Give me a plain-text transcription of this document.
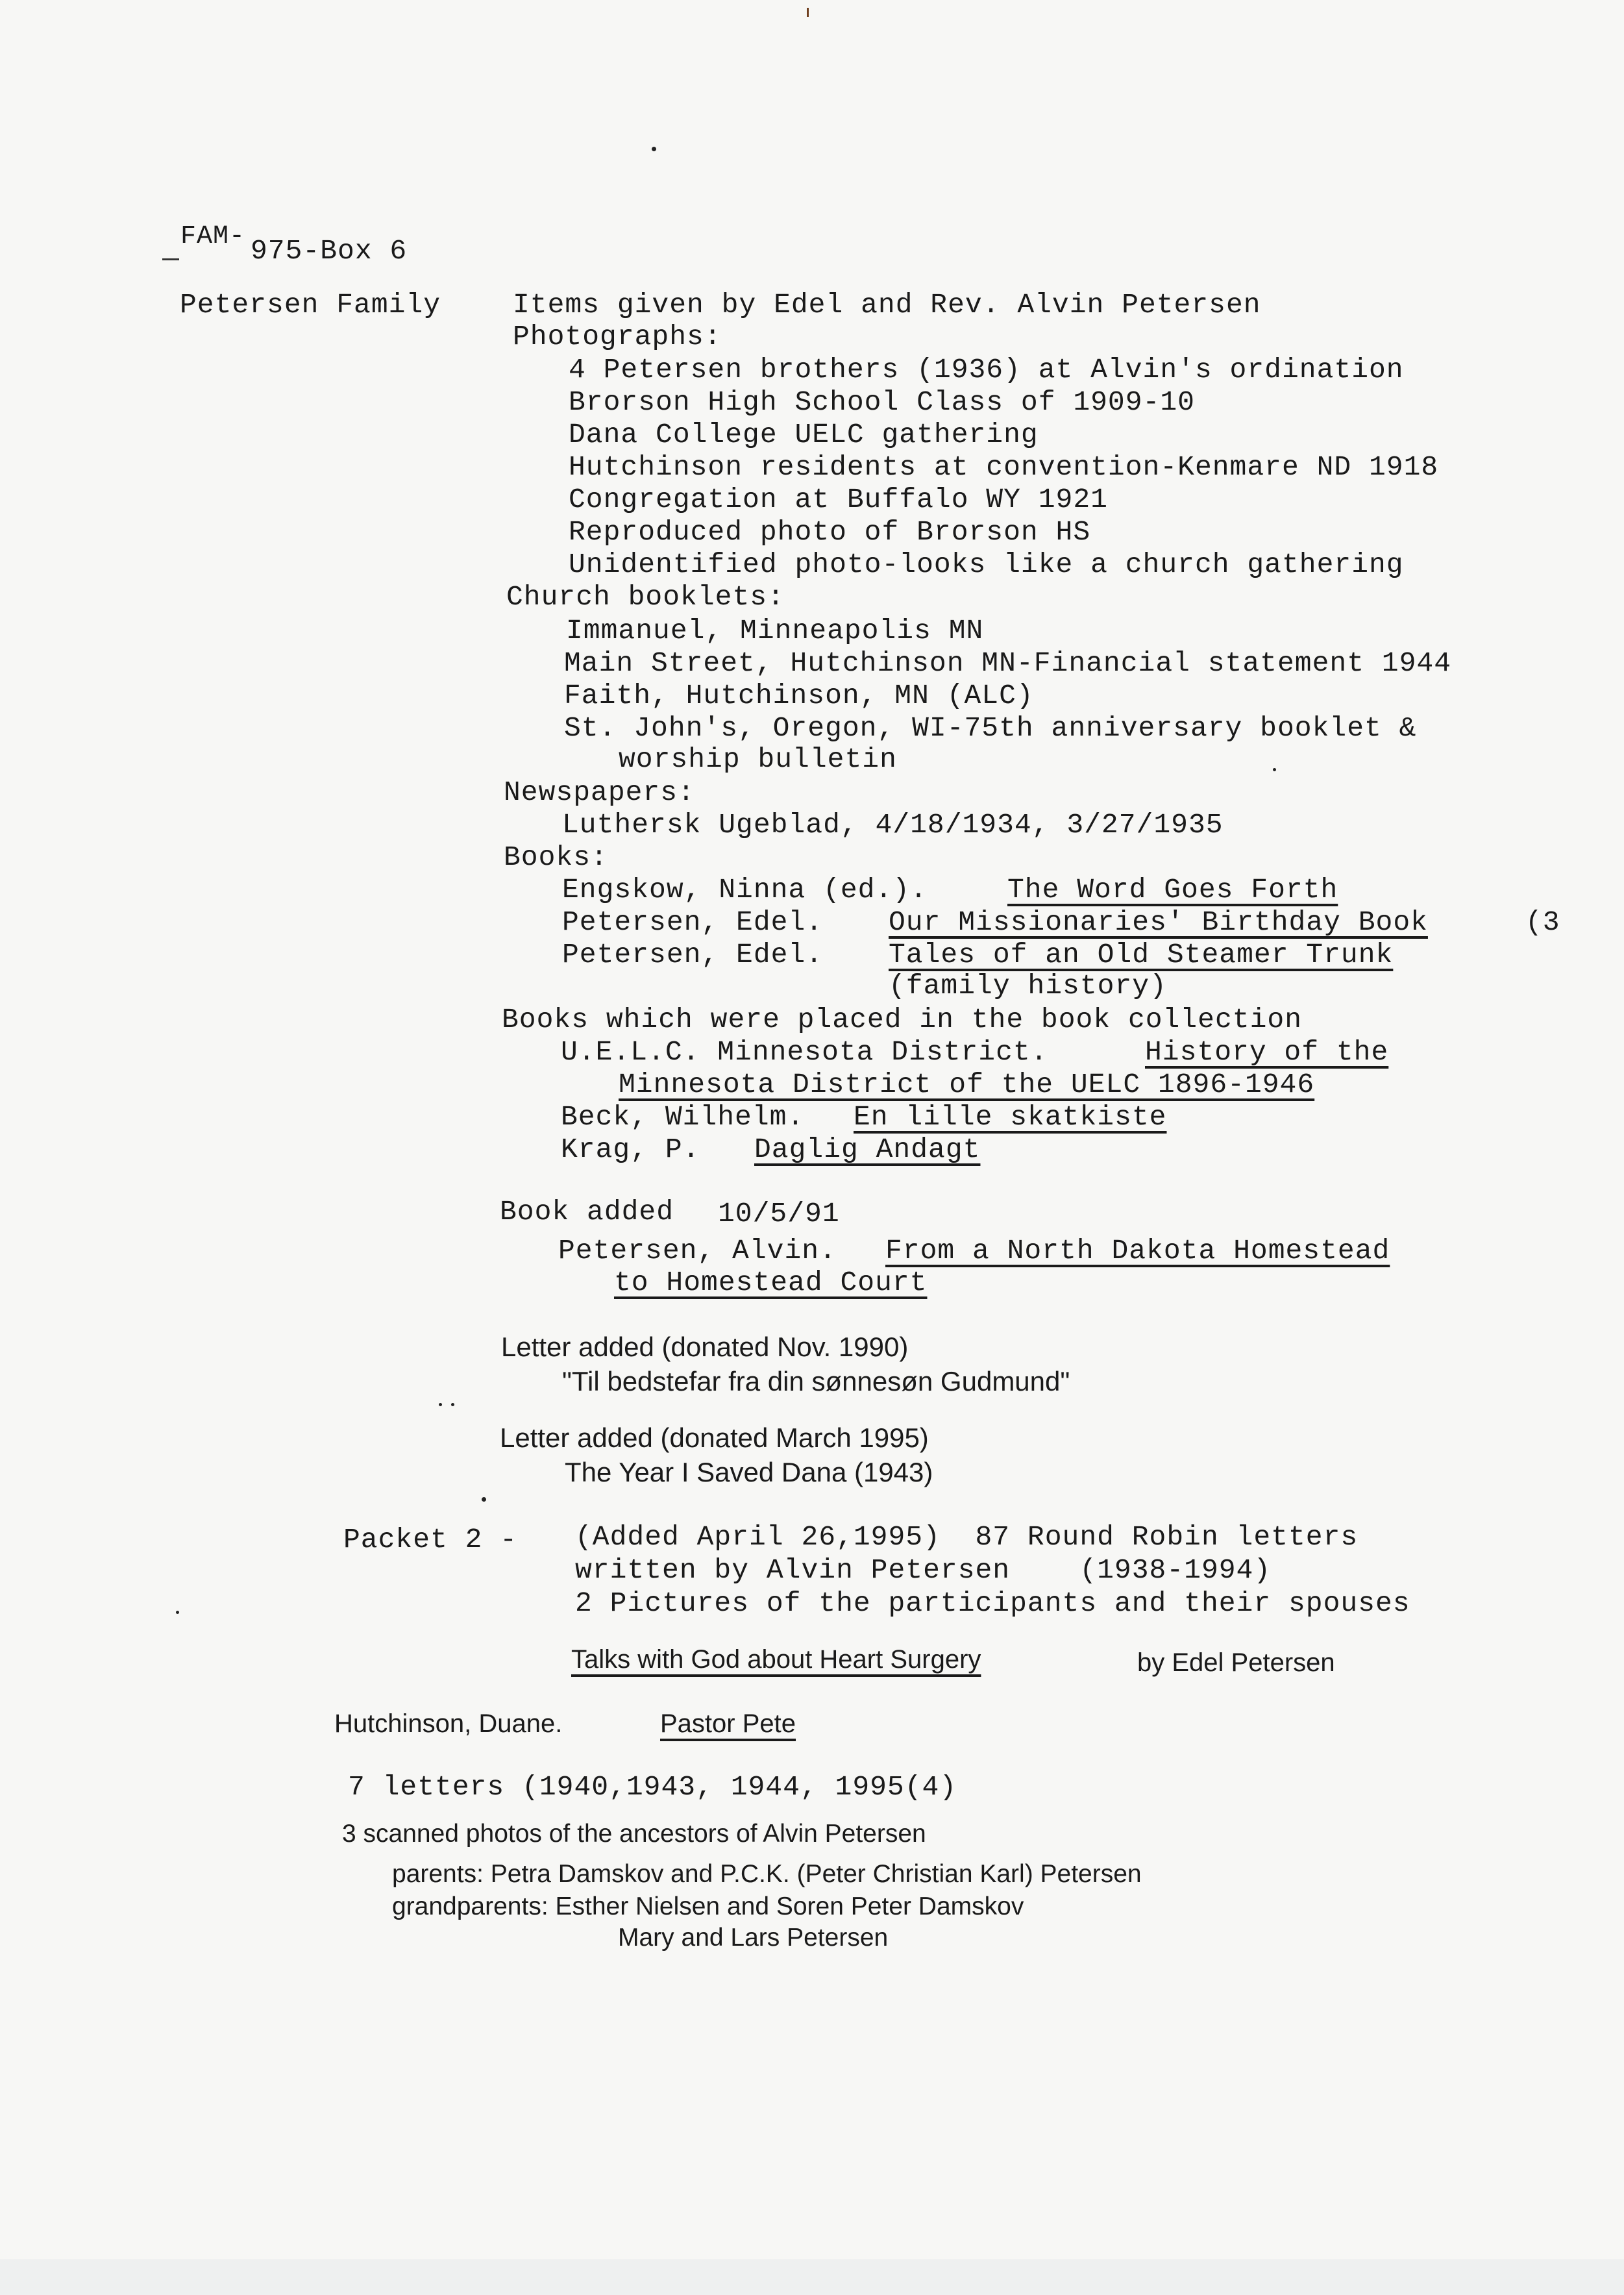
FAM- 975-Box 6
Petersen Family	Items given by Edel and Rev. Alvin Petersen
Photographs:
4 Petersen brothers (1936) at Alvin's ordination
Brorson High School Class of 1909-10
Dana College UELC gathering
Hutchinson residents at convention-Kenmare ND 1918
Congregation at Buffalo WY 1921
Reproduced photo of Brorson HS
Unidentified photo-looks like a church gathering
Church booklets:
Immanuel, Minneapolis MN
Main Street, Hutchinson MN-Financial statement 1944
Faith, Hutchinson, MN (ALC)
St. John's, Oregon, WI-75th anniversary booklet &
worship bulletin
Newspapers:
Luthersk Ugeblad, 4/18/1934, 3/27/1935
Books:
Engskow, Ninna (ed.).	The Word Goes Forth
Petersen, Edel. Our Missionaries' Birthday Book	(3
Petersen, Edel. Tales of an Old Steamer Trunk
(family history)
Books which were placed in the book collection
U.E.L.C. Minnesota District.	History of the
Minnesota District of the UELC 1896-1946
Beck, Wilhelm. En lille skatkiste
Krag, P. Daglig Andagt
Book added 10/5/91
Petersen, Alvin. From a North Dakota Homestead
to Homestead Court
Letter added (donated Nov. 1990)
"Til bedstefar fra din sønnesøn Gudmund"
Letter added (donated March 1995)
The Year I Saved Dana (1943)
Packet 2 - (Added April 26,1995)  87 Round Robin letters
written by Alvin Petersen    (1938-1994)
2 Pictures of the participants and their spouses
Talks with God about Heart Surgery	by Edel Petersen
Hutchinson, Duane.	Pastor Pete
7 letters (1940,1943, 1944, 1995(4)
3 scanned photos of the ancestors of Alvin Petersen
parents: Petra Damskov and P.C.K. (Peter Christian Karl) Petersen
grandparents: Esther Nielsen and Soren Peter Damskov
Mary and Lars Petersen
